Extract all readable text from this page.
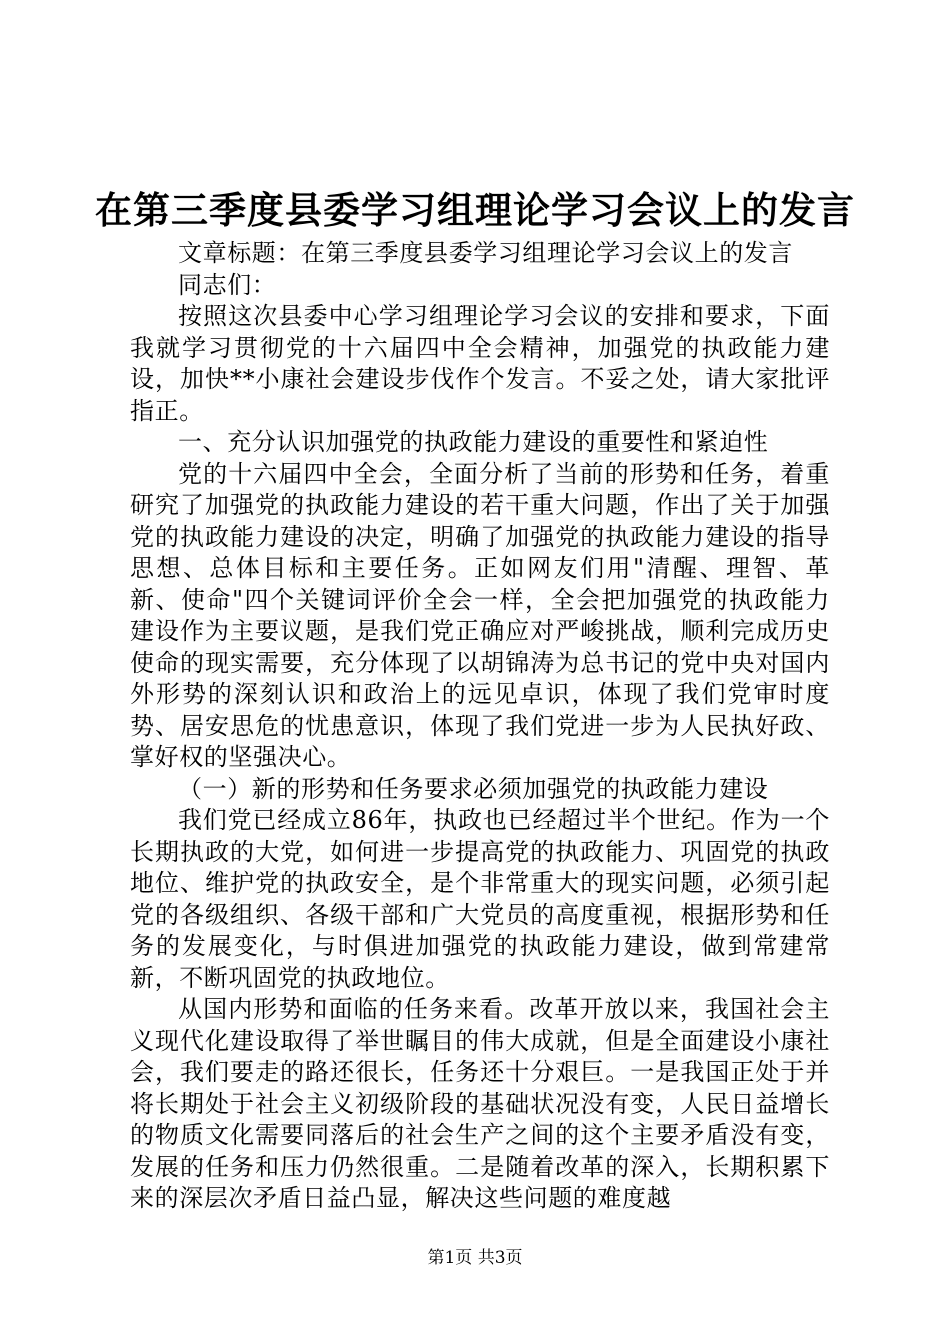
在第三季度县委学习组理论学习会议上的发言

文章标题：在第三季度县委学习组理论学习会议上的发言

同志们：

按照这次县委中心学习组理论学习会议的安排和要求，下面我就学习贯彻党的十六届四中全会精神，加强党的执政能力建设，加快**小康社会建设步伐作个发言。不妥之处，请大家批评指正。

一、充分认识加强党的执政能力建设的重要性和紧迫性

党的十六届四中全会，全面分析了当前的形势和任务，着重研究了加强党的执政能力建设的若干重大问题，作出了关于加强党的执政能力建设的决定，明确了加强党的执政能力建设的指导思想、总体目标和主要任务。正如网友们用"清醒、理智、革新、使命"四个关键词评价全会一样，全会把加强党的执政能力建设作为主要议题，是我们党正确应对严峻挑战，顺利完成历史使命的现实需要，充分体现了以胡锦涛为总书记的党中央对国内外形势的深刻认识和政治上的远见卓识，体现了我们党审时度势、居安思危的忧患意识，体现了我们党进一步为人民执好政、掌好权的坚强决心。

（一）新的形势和任务要求必须加强党的执政能力建设

我们党已经成立86年，执政也已经超过半个世纪。作为一个长期执政的大党，如何进一步提高党的执政能力、巩固党的执政地位、维护党的执政安全，是个非常重大的现实问题，必须引起党的各级组织、各级干部和广大党员的高度重视，根据形势和任务的发展变化，与时俱进加强党的执政能力建设，做到常建常新，不断巩固党的执政地位。

从国内形势和面临的任务来看。改革开放以来，我国社会主义现代化建设取得了举世瞩目的伟大成就，但是全面建设小康社会，我们要走的路还很长，任务还十分艰巨。一是我国正处于并将长期处于社会主义初级阶段的基础状况没有变，人民日益增长的物质文化需要同落后的社会生产之间的这个主要矛盾没有变，发展的任务和压力仍然很重。二是随着改革的深入，长期积累下来的深层次矛盾日益凸显，解决这些问题的难度越

第1页 共3页
